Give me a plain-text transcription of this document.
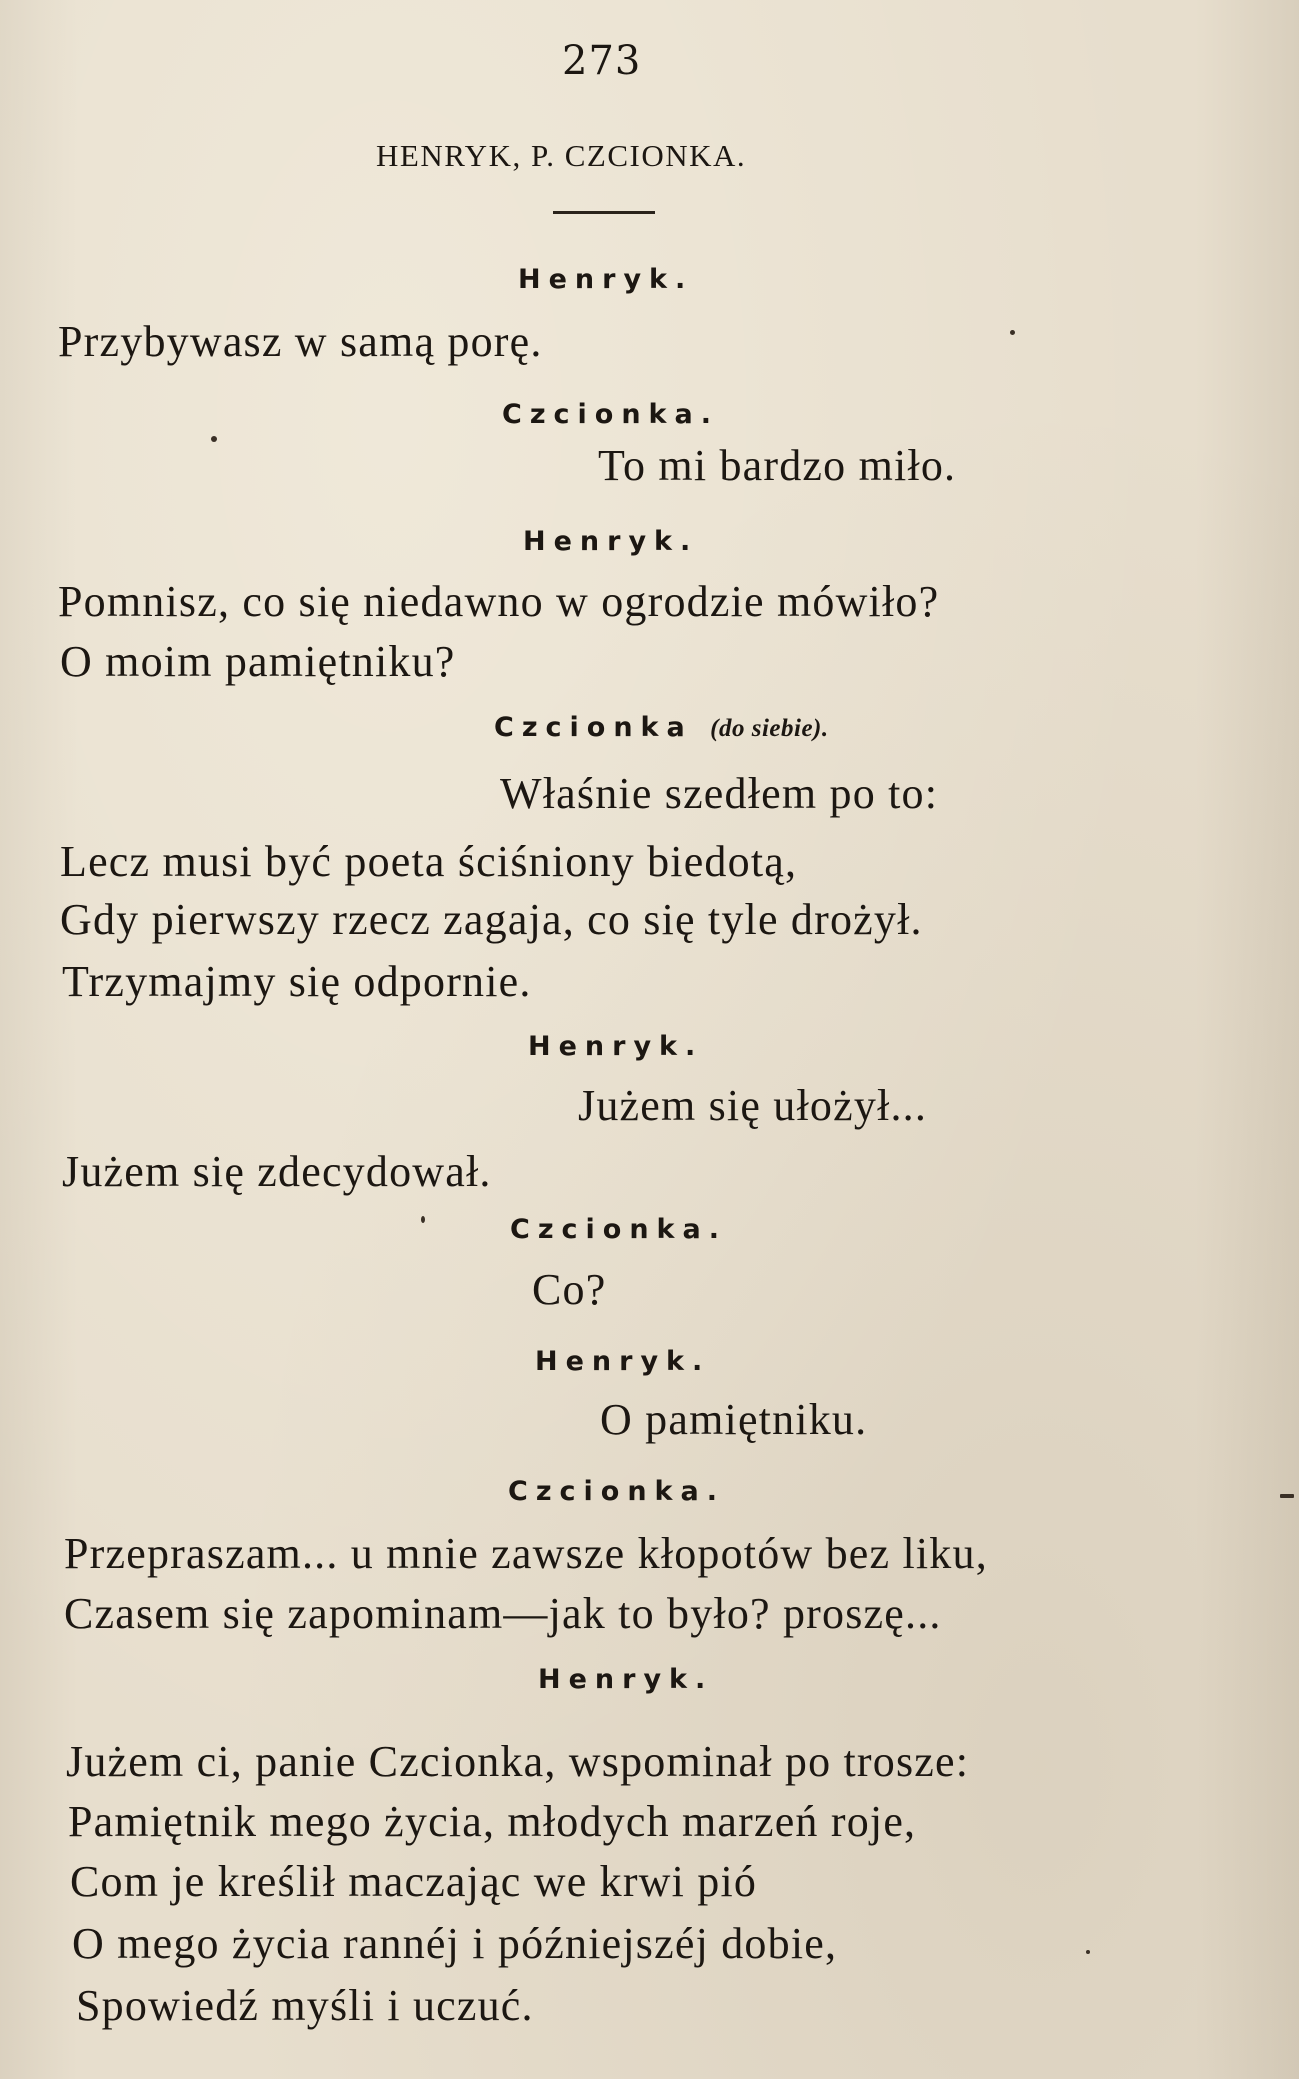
273
HENRYK, P. CZCIONKA.
Henryk.
Przybywasz w samą porę.
Czcionka.
To mi bardzo miło.
Henryk.
Pomnisz, co się niedawno w ogrodzie mówiło?
O moim pamiętniku?
Czcionka (do siebie).
Właśnie szedłem po to:
Lecz musi być poeta ściśniony biedotą,
Gdy pierwszy rzecz zagaja, co się tyle drożył.
Trzymajmy się odpornie.
Henryk.
Jużem się ułożył...
Jużem się zdecydował.
Czcionka.
Co?
Henryk.
O pamiętniku.
Czcionka.
Przepraszam... u mnie zawsze kłopotów bez liku,
Czasem się zapominam—jak to było? proszę...
Henryk.
Jużem ci, panie Czcionka, wspominał po trosze:
Pamiętnik mego życia, młodych marzeń roje,
Com je kreślił maczając we krwi pió
O mego życia rannéj i późniejszéj dobie,
Spowiedź myśli i uczuć.
